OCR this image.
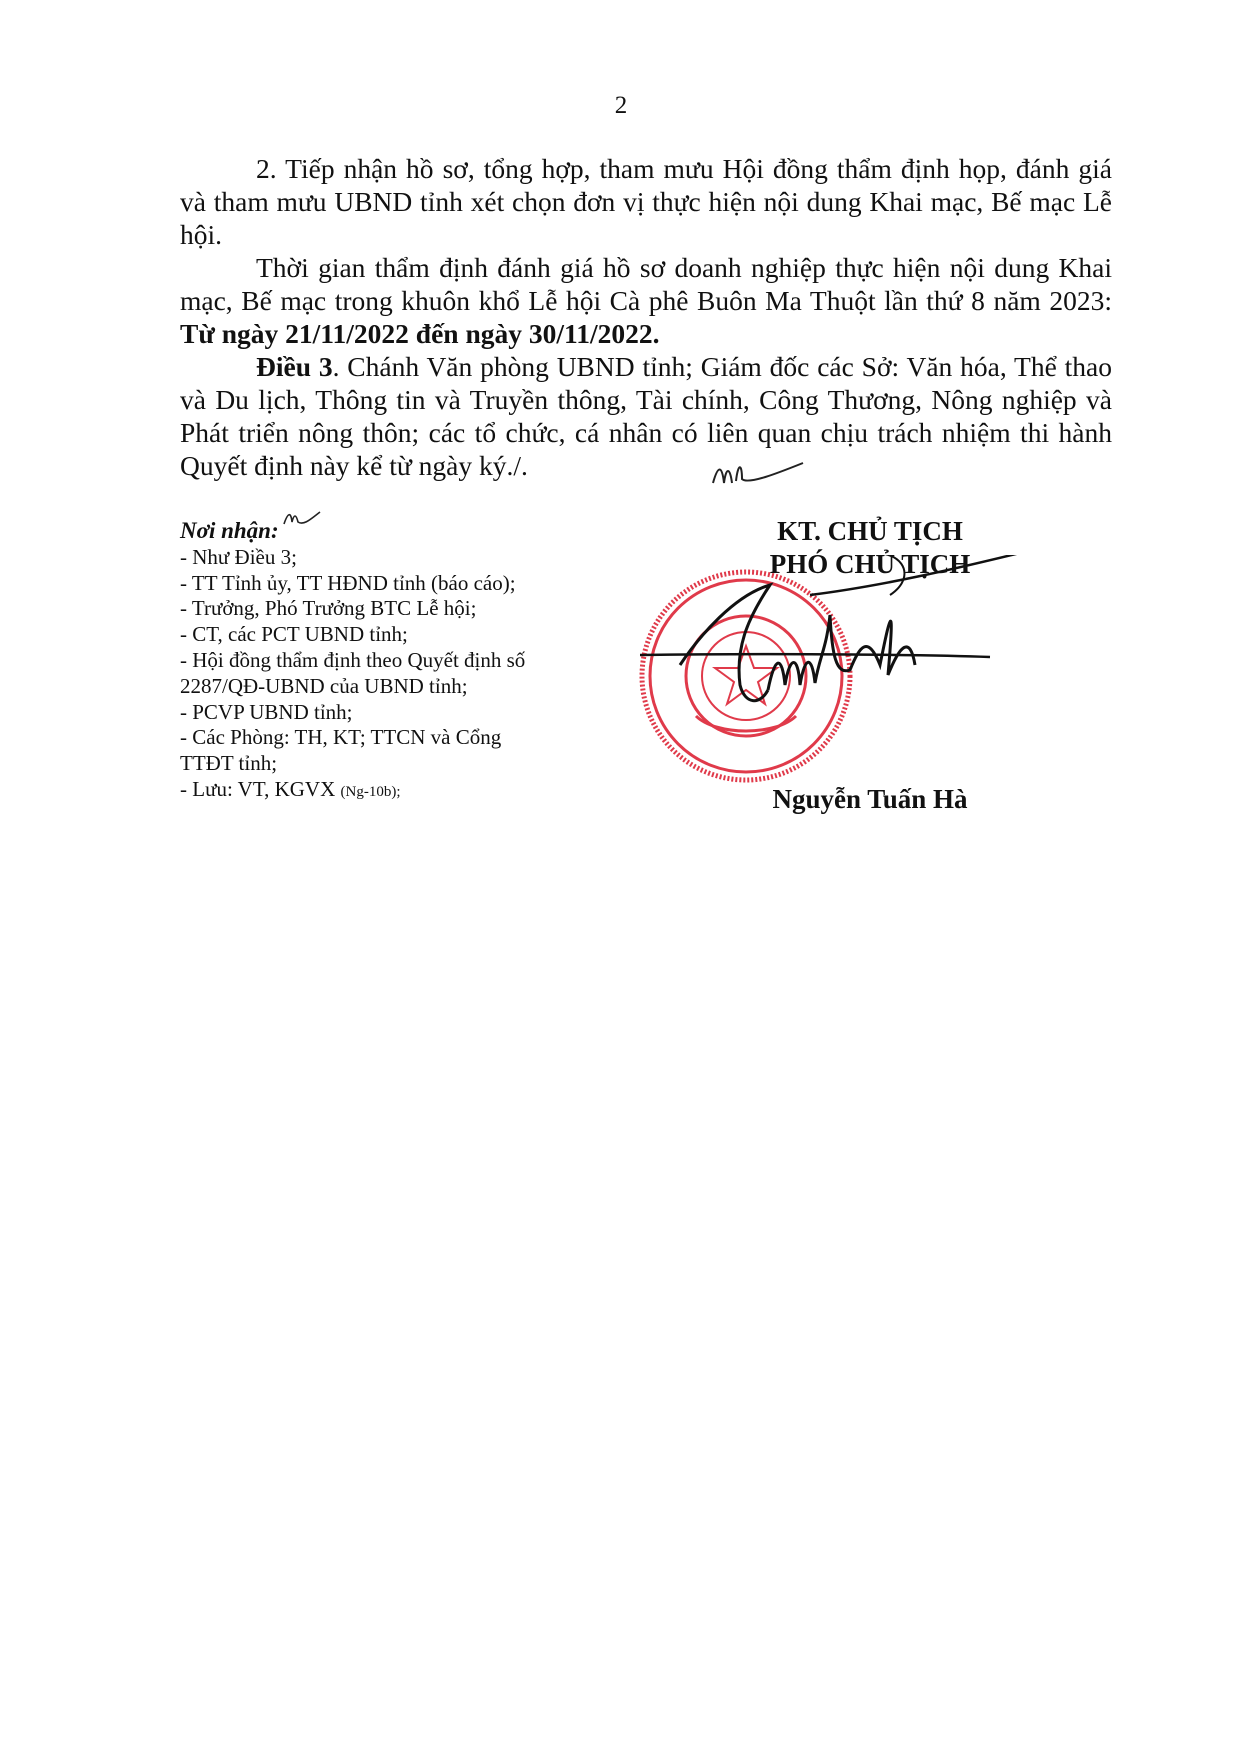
2

2. Tiếp nhận hồ sơ, tổng hợp, tham mưu Hội đồng thẩm định họp, đánh giá và tham mưu UBND tỉnh xét chọn đơn vị thực hiện nội dung Khai mạc, Bế mạc Lễ hội.

Thời gian thẩm định đánh giá hồ sơ doanh nghiệp thực hiện nội dung Khai mạc, Bế mạc trong khuôn khổ Lễ hội Cà phê Buôn Ma Thuột lần thứ 8 năm 2023: Từ ngày 21/11/2022 đến ngày 30/11/2022.

Điều 3. Chánh Văn phòng UBND tỉnh; Giám đốc các Sở: Văn hóa, Thể thao và Du lịch, Thông tin và Truyền thông, Tài chính, Công Thương, Nông nghiệp và Phát triển nông thôn; các tổ chức, cá nhân có liên quan chịu trách nhiệm thi hành Quyết định này kể từ ngày ký./.

Nơi nhận:
- Như Điều 3;
- TT Tỉnh ủy, TT HĐND tỉnh (báo cáo);
- Trưởng, Phó Trưởng BTC Lễ hội;
- CT, các PCT UBND tỉnh;
- Hội đồng thẩm định theo Quyết định số
2287/QĐ-UBND của UBND tỉnh;
- PCVP UBND tỉnh;
- Các Phòng: TH, KT; TTCN và Cổng
TTĐT tỉnh;
- Lưu: VT, KGVX (Ng-10b);
KT. CHỦ TỊCH
PHÓ CHỦ TỊCH
Nguyễn Tuấn Hà
